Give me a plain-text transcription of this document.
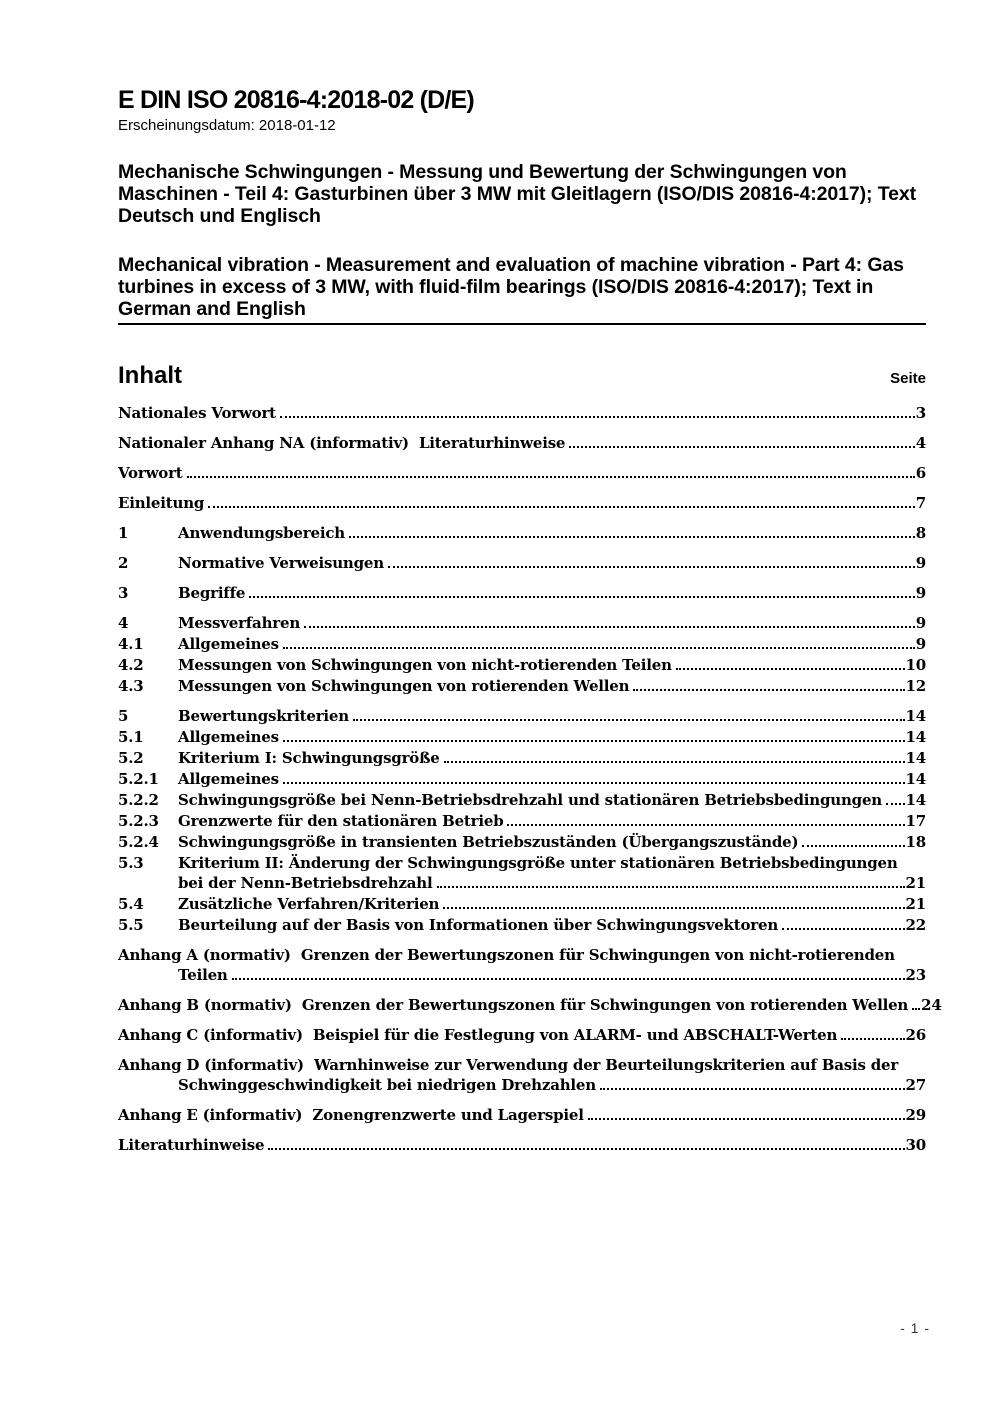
E DIN ISO 20816-4:2018-02 (D/E)
Erscheinungsdatum: 2018-01-12

Mechanische Schwingungen - Messung und Bewertung der Schwingungen von Maschinen - Teil 4: Gasturbinen über 3 MW mit Gleitlagern (ISO/DIS 20816-4:2017); Text Deutsch und Englisch

Mechanical vibration - Measurement and evaluation of machine vibration - Part 4: Gas turbines in excess of 3 MW, with fluid-film bearings (ISO/DIS 20816-4:2017); Text in German and English

Inhalt	Seite
Nationales Vorwort	3
Nationaler Anhang NA (informativ)  Literaturhinweise	4
Vorwort	6
Einleitung	7
1	Anwendungsbereich	8
2	Normative Verweisungen	9
3	Begriffe	9
4	Messverfahren	9
4.1	Allgemeines	9
4.2	Messungen von Schwingungen von nicht-rotierenden Teilen	10
4.3	Messungen von Schwingungen von rotierenden Wellen	12
5	Bewertungskriterien	14
5.1	Allgemeines	14
5.2	Kriterium I: Schwingungsgröße	14
5.2.1	Allgemeines	14
5.2.2	Schwingungsgröße bei Nenn-Betriebsdrehzahl und stationären Betriebsbedingungen 14
5.2.3	Grenzwerte für den stationären Betrieb	17
5.2.4	Schwingungsgröße in transienten Betriebszuständen (Übergangszustände)	18
5.3	Kriterium II: Änderung der Schwingungsgröße unter stationären Betriebsbedingungen
bei der Nenn-Betriebsdrehzahl	21
5.4	Zusätzliche Verfahren/Kriterien	21
5.5	Beurteilung auf der Basis von Informationen über Schwingungsvektoren	22
Anhang A (normativ)  Grenzen der Bewertungszonen für Schwingungen von nicht-rotierenden
Teilen	23
Anhang B (normativ)  Grenzen der Bewertungszonen für Schwingungen von rotierenden Wellen 24
Anhang C (informativ)  Beispiel für die Festlegung von ALARM- und ABSCHALT-Werten	26
Anhang D (informativ)  Warnhinweise zur Verwendung der Beurteilungskriterien auf Basis der
Schwinggeschwindigkeit bei niedrigen Drehzahlen	27
Anhang E (informativ)  Zonengrenzwerte und Lagerspiel	29
Literaturhinweise	30
- 1 -
